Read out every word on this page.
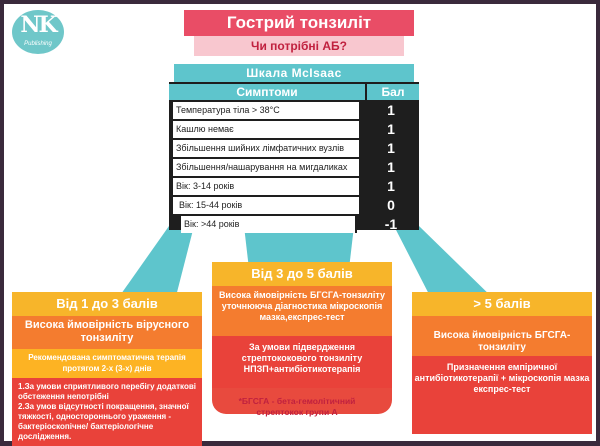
NK
Publishing
Гострий тонзиліт
Чи потрібні АБ?
Шкала McIsaac
Симптоми	Бал
Температура тіла > 38°С	1
Кашлю немає	1
Збільшення шийних лімфатичних вузлів	1
Збільшення/нашарування на мигдаликах	1
Вік: 3-14 років	1
Вік: 15-44 років	0
Вік: >44 років	-1
Від 1 до 3 балів
Висока ймовірність вірусного тонзиліту
Рекомендована симптоматична терапія протягом 2-х (3-х) днів
1.За умови сприятливого перебігу додаткові обстеження непотрібні
2.За умов відсутності покращення, значної тяжкості, одностороннього ураження - бактеріоскопічне/ бактеріологічне дослідження.
Від 3 до 5 балів
Висока ймовірність БГСГА-тонзиліту уточнююча діагностика мікроскопія мазка,експрес-тест
За умови підвердження стрептококового тонзиліту НПЗП+антибіотикотерапія
*БГСГА - бета-гемолітичний стрептокок групи А
> 5 балів
Висока ймовірність БГСГА-тонзиліту
Призначення емпіричної антибіотикотерапії + мікроскопія мазка експрес-тест
